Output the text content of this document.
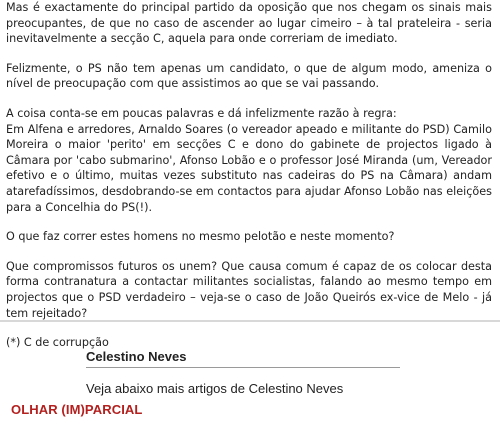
Mas é exactamente do principal partido da oposição que nos chegam os sinais mais preocupantes, de que no caso de ascender ao lugar cimeiro – à tal prateleira - seria inevitavelmente a secção C, aquela para onde correriam de imediato.

Felizmente, o PS não tem apenas um candidato, o que de algum modo, ameniza o nível de preocupação com que assistimos ao que se vai passando.

A coisa conta-se em poucas palavras e dá infelizmente razão à regra:
Em Alfena e arredores, Arnaldo Soares (o vereador apeado e militante do PSD) Camilo Moreira o maior 'perito' em secções C e dono do gabinete de projectos ligado à Câmara por 'cabo submarino', Afonso Lobão e o professor José Miranda (um, Vereador efetivo e o último, muitas vezes substituto nas cadeiras do PS na Câmara) andam atarefadíssimos, desdobrando-se em contactos para ajudar Afonso Lobão nas eleições para a Concelhia do PS(!).

O que faz correr estes homens no mesmo pelotão e neste momento?

Que compromissos futuros os unem? Que causa comum é capaz de os colocar desta forma contranatura a contactar militantes socialistas, falando ao mesmo tempo em projectos que o PSD verdadeiro – veja-se o caso de João Queirós ex-vice de Melo - já tem rejeitado?

(*) C de corrupção

Celestino Neves
Veja abaixo mais artigos de Celestino Neves
OLHAR (IM)PARCIAL
